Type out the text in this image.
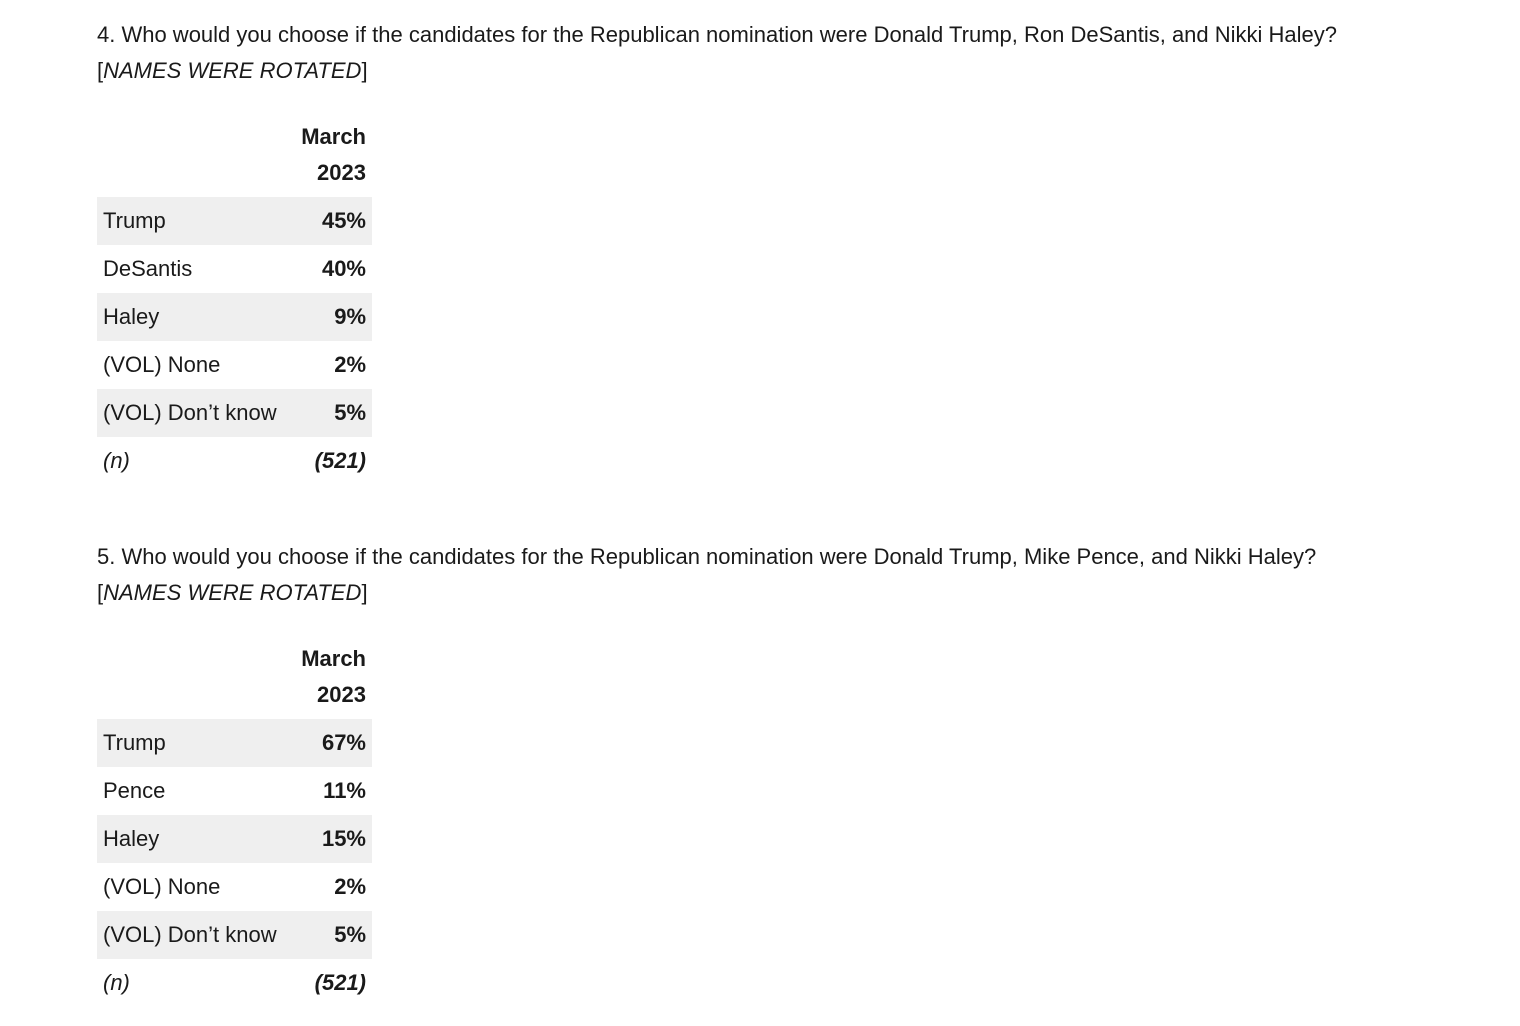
4. Who would you choose if the candidates for the Republican nomination were Donald Trump, Ron DeSantis, and Nikki Haley?

[NAMES WERE ROTATED]

	March
2023
Trump	45%
DeSantis	40%
Haley	9%
(VOL) None	2%
(VOL) Don’t know	5%
(n)	(521)

5. Who would you choose if the candidates for the Republican nomination were Donald Trump, Mike Pence, and Nikki Haley?

[NAMES WERE ROTATED]

	March
2023
Trump	67%
Pence	11%
Haley	15%
(VOL) None	2%
(VOL) Don’t know	5%
(n)	(521)
